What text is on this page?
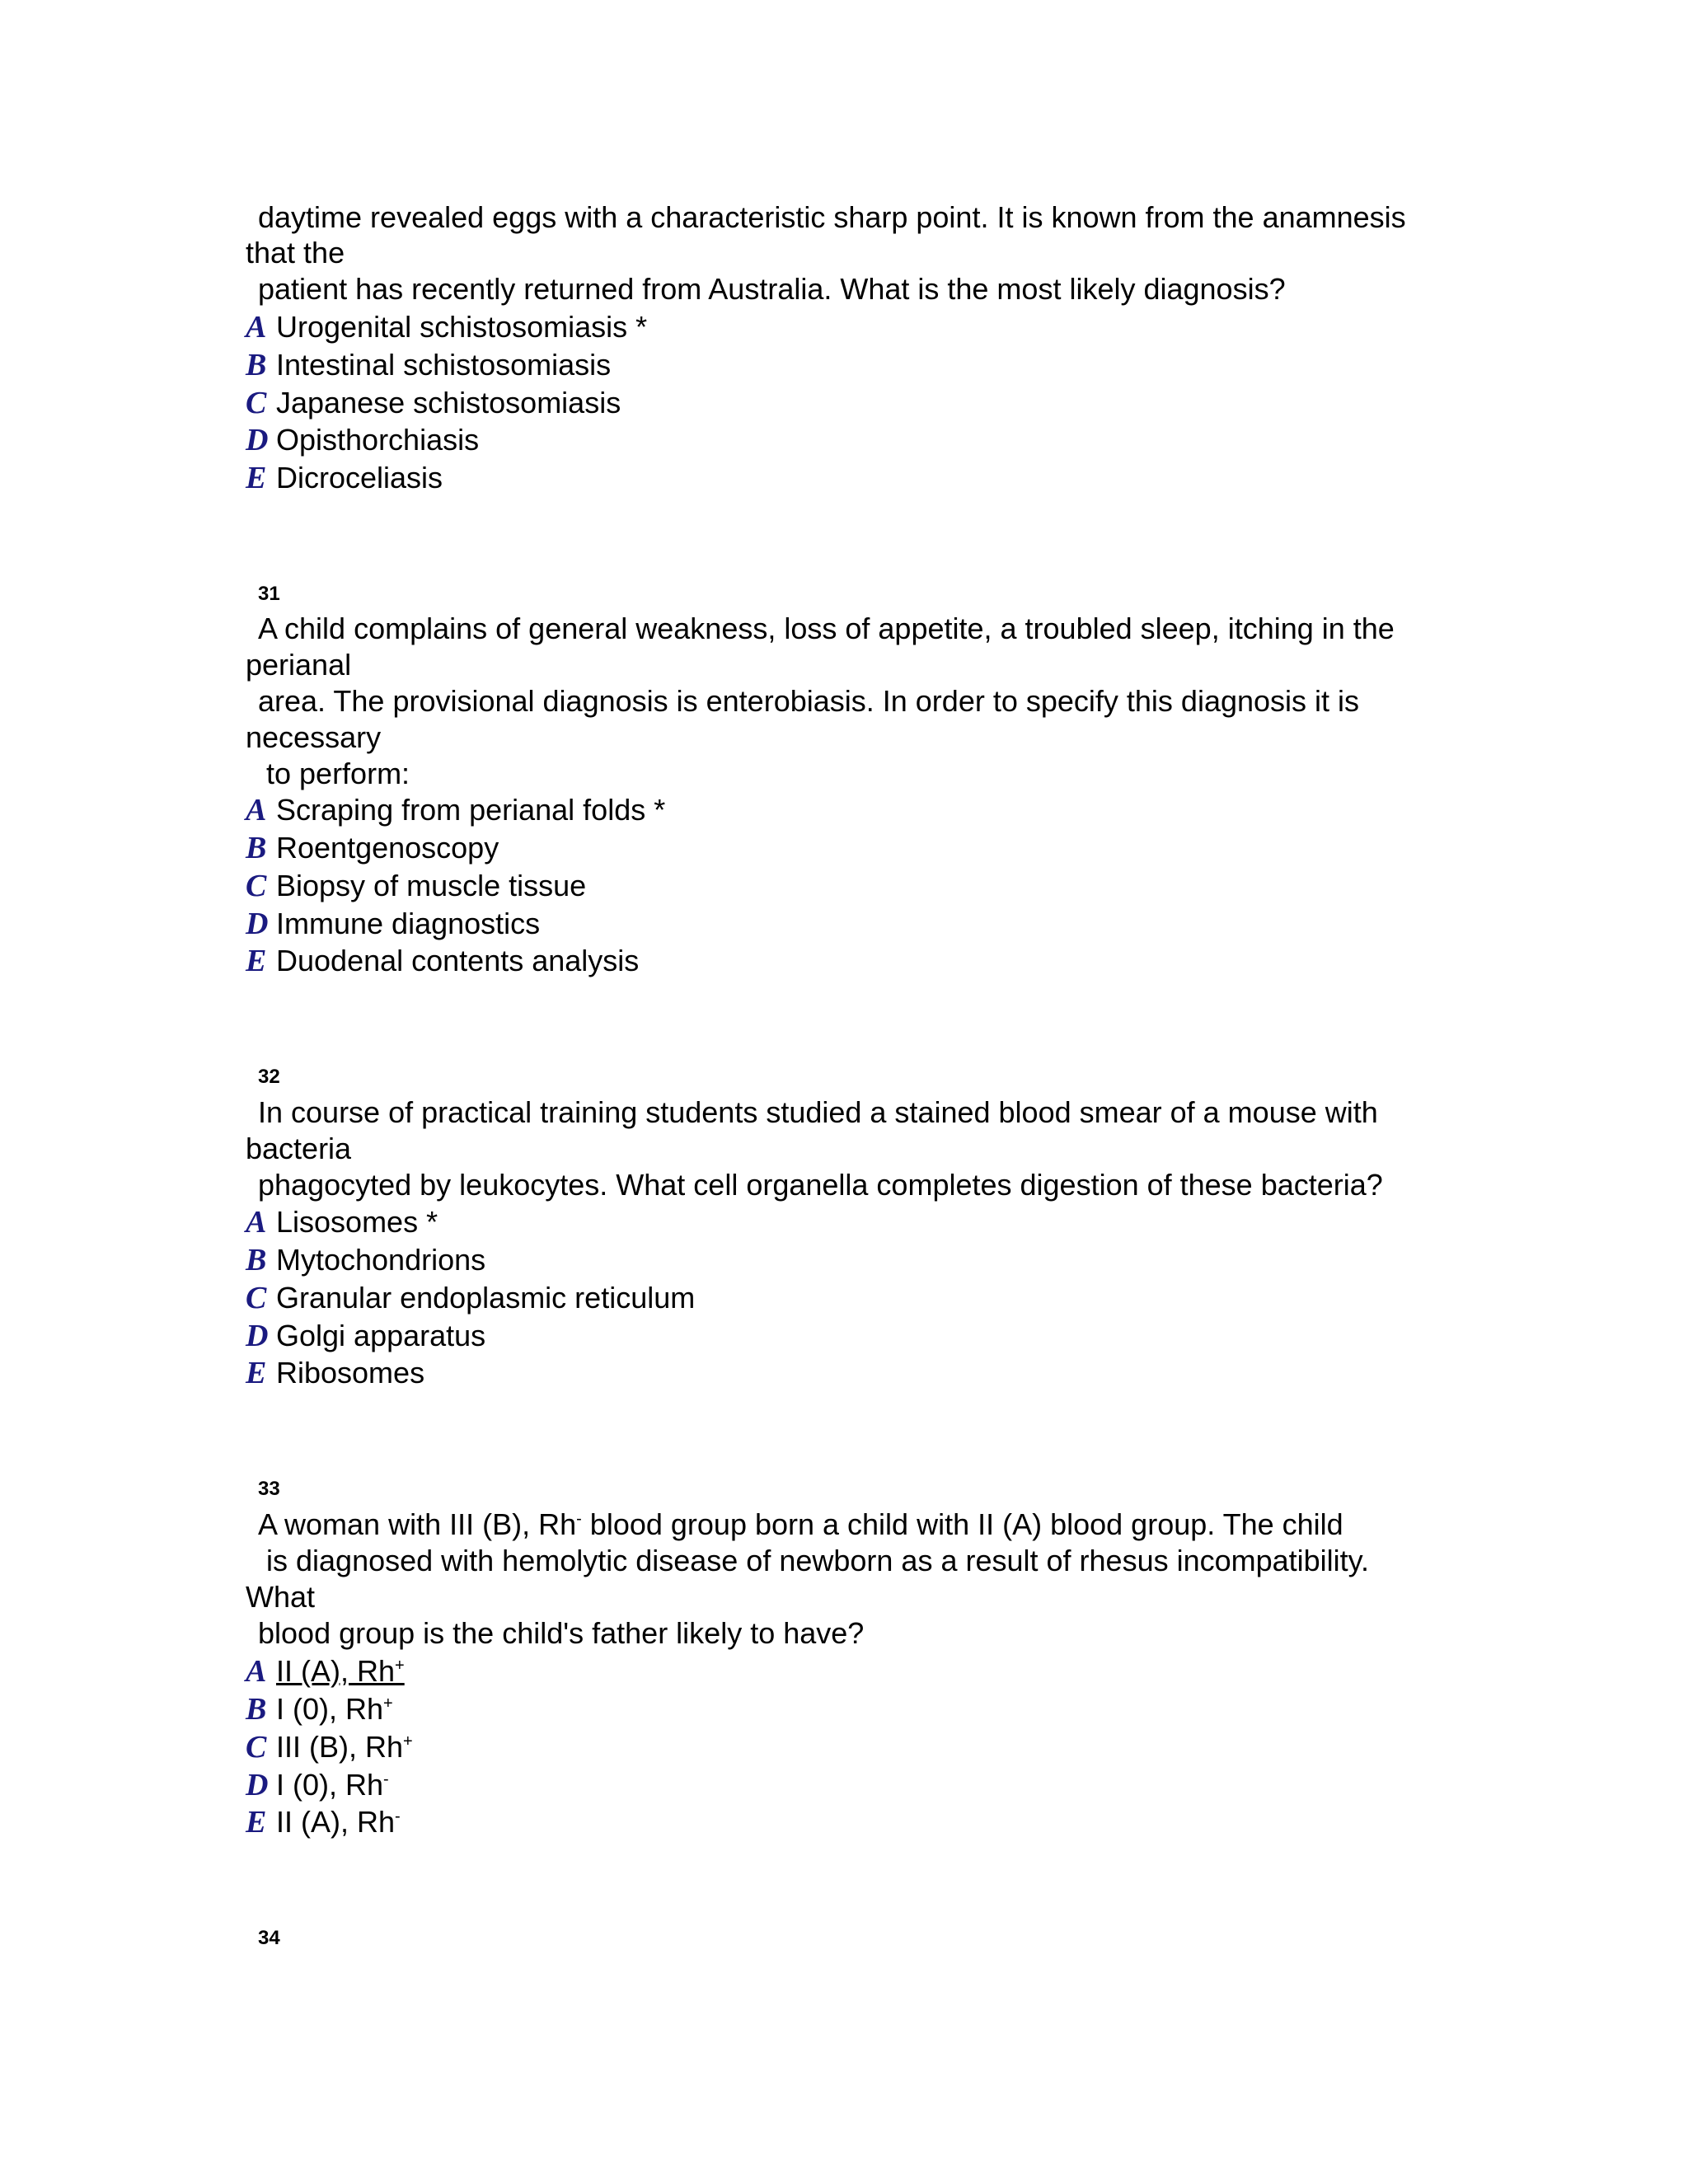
daytime revealed eggs with a characteristic sharp point. It is known from the anamnesis

that the

patient has recently returned from Australia. What is the most likely diagnosis?

A Urogenital schistosomiasis *

B Intestinal schistosomiasis

C Japanese schistosomiasis

D Opisthorchiasis

E Dicroceliasis

31

A child complains of general weakness, loss of appetite, a troubled sleep, itching in the

perianal

area. The provisional diagnosis is enterobiasis. In order to specify this diagnosis it is

necessary

to perform:

A Scraping from perianal folds *

B Roentgenoscopy

C Biopsy of muscle tissue

D Immune diagnostics

E Duodenal contents analysis

32

In course of practical training students studied a stained blood smear of a mouse with

bacteria

phagocyted by leukocytes. What cell organella completes digestion of these bacteria?

A Lisosomes *

B Mytochondrions

C Granular endoplasmic reticulum

D Golgi apparatus

E Ribosomes

33

A woman with III (B), Rh- blood group born a child with II (A) blood group. The child

is diagnosed with hemolytic disease of newborn as a result of rhesus incompatibility.

What

blood group is the child's father likely to have?

A II (A), Rh+

B I (0), Rh+

C III (B), Rh+

D I (0), Rh-

E II (A), Rh-

34
